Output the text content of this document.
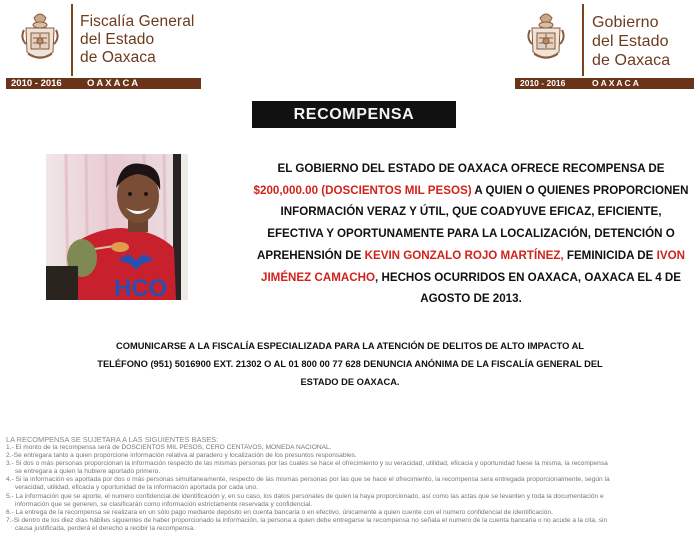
Fiscalía General
del Estado
de Oaxaca
2010 - 2016	OAXACA
Gobierno
del Estado
de Oaxaca
2010 - 2016	OAXACA
RECOMPENSA
HCO
EL GOBIERNO DEL ESTADO DE OAXACA OFRECE RECOMPENSA DE $200,000.00 (DOSCIENTOS MIL PESOS) A QUIEN O QUIENES PROPORCIONEN INFORMACIÓN VERAZ Y ÚTIL, QUE COADYUVE EFICAZ, EFICIENTE, EFECTIVA Y OPORTUNAMENTE PARA LA LOCALIZACIÓN, DETENCIÓN O APREHENSIÓN DE KEVIN GONZALO ROJO MARTÍNEZ, FEMINICIDA DE IVON JIMÉNEZ CAMACHO, HECHOS OCURRIDOS EN OAXACA, OAXACA EL 4 DE AGOSTO DE 2013.
COMUNICARSE A LA FISCALÍA ESPECIALIZADA PARA LA ATENCIÓN DE DELITOS DE ALTO IMPACTO AL TELÉFONO (951) 5016900 EXT. 21302 O AL 01 800 00 77 628 DENUNCIA ANÓNIMA DE LA FISCALÍA GENERAL DEL ESTADO DE OAXACA.
LA RECOMPENSA SE SUJETARA A LAS SIGUIENTES BASES:
1.- El monto de la recompensa será de DOSCIENTOS MIL PESOS, CERO CENTAVOS, MONEDA NACIONAL.
2.-Se entregara tanto a quien proporcione información relativa al paradero y localización de los presuntos responsables.
3.- Si dos o más personas proporcionan la información respecto de las mismas personas por las cuales se hace el ofrecimiento y su veracidad, utilidad, eficacia y oportunidad fuese la misma, la recompensa
se entregara a quien la hubiere aportado primero.
4.- Si la información es aportada por dos o más personas simultaneamente, respecto de las mismas personas por las que se hace el ofrecimiento, la recompensa sera entregada proporcionalmente, según la
veracidad, utilidad, eficacia y oportunidad de la información aportada por cada uno.
5.- La información que se aporte, el numero confidencial de identificación y, en su caso, los datos personales de quien la haya proporcionado, así como las actas que se levanten y toda la documentación e
información que se generen, se clasificarán como información estrictamente reservada y confidencial.
6.- La entrega de la recompensa se realizara en un sólo pago mediante depósito en cuenta bancaria o en efectivo, únicamente a quien cuente con el numero confidencial de identificación.
7.-Si dentro de los diez días hábiles siguientes de haber proporcionado la información, la persona a quien debe entregarse la recompensa no señala el numero de la cuenta bancaria o no acude a la cita, sin
causa justificada, perderá el derecho a recibir la recompensa.
